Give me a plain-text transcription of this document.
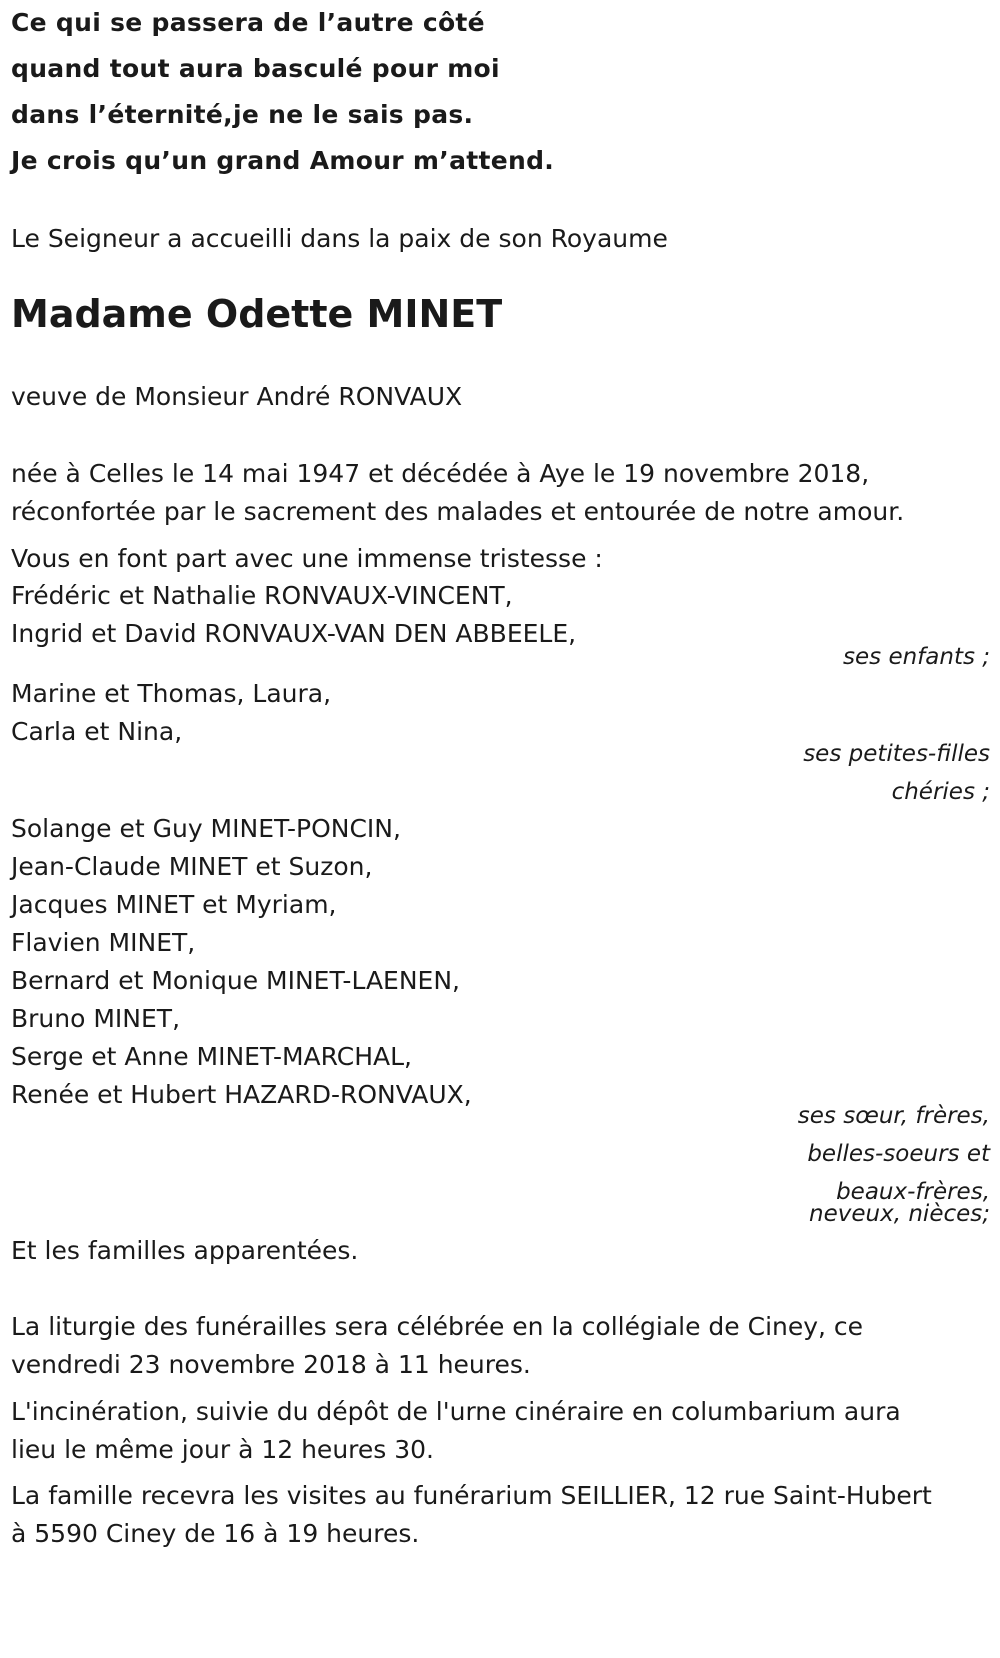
Ce qui se passera de l’autre côté
quand tout aura basculé pour moi
dans l’éternité,je ne le sais pas.
Je crois qu’un grand Amour m’attend.
Le Seigneur a accueilli dans la paix de son Royaume
Madame Odette MINET
veuve de Monsieur André RONVAUX
née à Celles le 14 mai 1947 et décédée à Aye le 19 novembre 2018,
réconfortée par le sacrement des malades et entourée de notre amour.
Vous en font part avec une immense tristesse :
Frédéric et Nathalie RONVAUX-VINCENT,
Ingrid et David RONVAUX-VAN DEN ABBEELE,
ses enfants ;
Marine et Thomas, Laura,
Carla et Nina,
ses petites-filles
chéries ;
Solange et Guy MINET-PONCIN,
Jean-Claude MINET et Suzon,
Jacques MINET et Myriam,
Flavien MINET,
Bernard et Monique MINET-LAENEN,
Bruno MINET,
Serge et Anne MINET-MARCHAL,
Renée et Hubert HAZARD-RONVAUX,
ses sœur, frères,
belles-soeurs et
beaux-frères,
neveux, nièces;
Et les familles apparentées.
La liturgie des funérailles sera célébrée en la collégiale de Ciney, ce
vendredi 23 novembre 2018 à 11 heures.
L'incinération, suivie du dépôt de l'urne cinéraire en columbarium aura
lieu le même jour à 12 heures 30.
La famille recevra les visites au funérarium SEILLIER, 12 rue Saint-Hubert
à 5590 Ciney de 16 à 19 heures.
